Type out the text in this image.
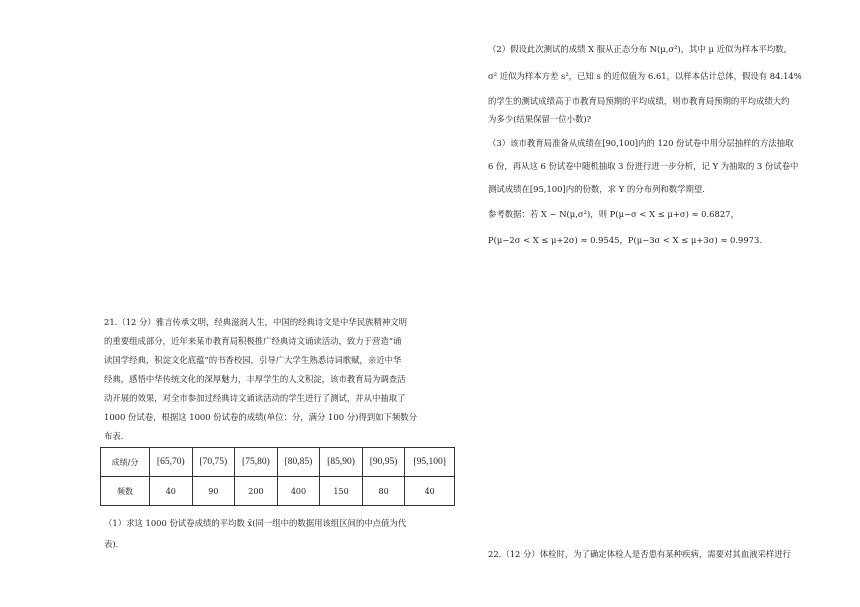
（2）假设此次测试的成绩 X 服从正态分布 N(μ,σ²)，其中 μ 近似为样本平均数，
σ² 近似为样本方差 s²，已知 s 的近似值为 6.61，以样本估计总体，假设有 84.14%
的学生的测试成绩高于市教育局预期的平均成绩，则市教育局预期的平均成绩大约
为多少(结果保留一位小数)?
（3）该市教育局准备从成绩在[90,100]内的 120 份试卷中用分层抽样的方法抽取
6 份，再从这 6 份试卷中随机抽取 3 份进行进一步分析，记 Y 为抽取的 3 份试卷中
测试成绩在[95,100]内的份数，求 Y 的分布列和数学期望.
参考数据：若 X ~ N(μ,σ²)，则 P(μ−σ < X ≤ μ+σ) ≈ 0.6827，
P(μ−2σ < X ≤ μ+2σ) ≈ 0.9545，P(μ−3σ < X ≤ μ+3σ) ≈ 0.9973.
22.（12 分）体检时，为了确定体检人是否患有某种疾病，需要对其血液采样进行
21.（12 分）雅言传承文明，经典滋润人生，中国的经典诗文是中华民族精神文明
的重要组成部分，近年来某市教育局积极推广经典诗文诵读活动，致力于营造“诵
读国学经典，积淀文化底蕴”的书香校园，引导广大学生熟悉诗词歌赋，亲近中华
经典，感悟中华传统文化的深厚魅力，丰厚学生的人文积淀，该市教育局为调查活
动开展的效果，对全市参加过经典诗文诵读活动的学生进行了测试，并从中抽取了
1000 份试卷，根据这 1000 份试卷的成绩(单位：分，满分 100 分)得到如下频数分
布表.
成绩/分	[65,70)	[70,75)	[75,80)	[80,85)	[85,90)	[90,95)	[95,100]
频数	40	90	200	400	150	80	40
（1）求这 1000 份试卷成绩的平均数 x̄(同一组中的数据用该组区间的中点值为代
表).
